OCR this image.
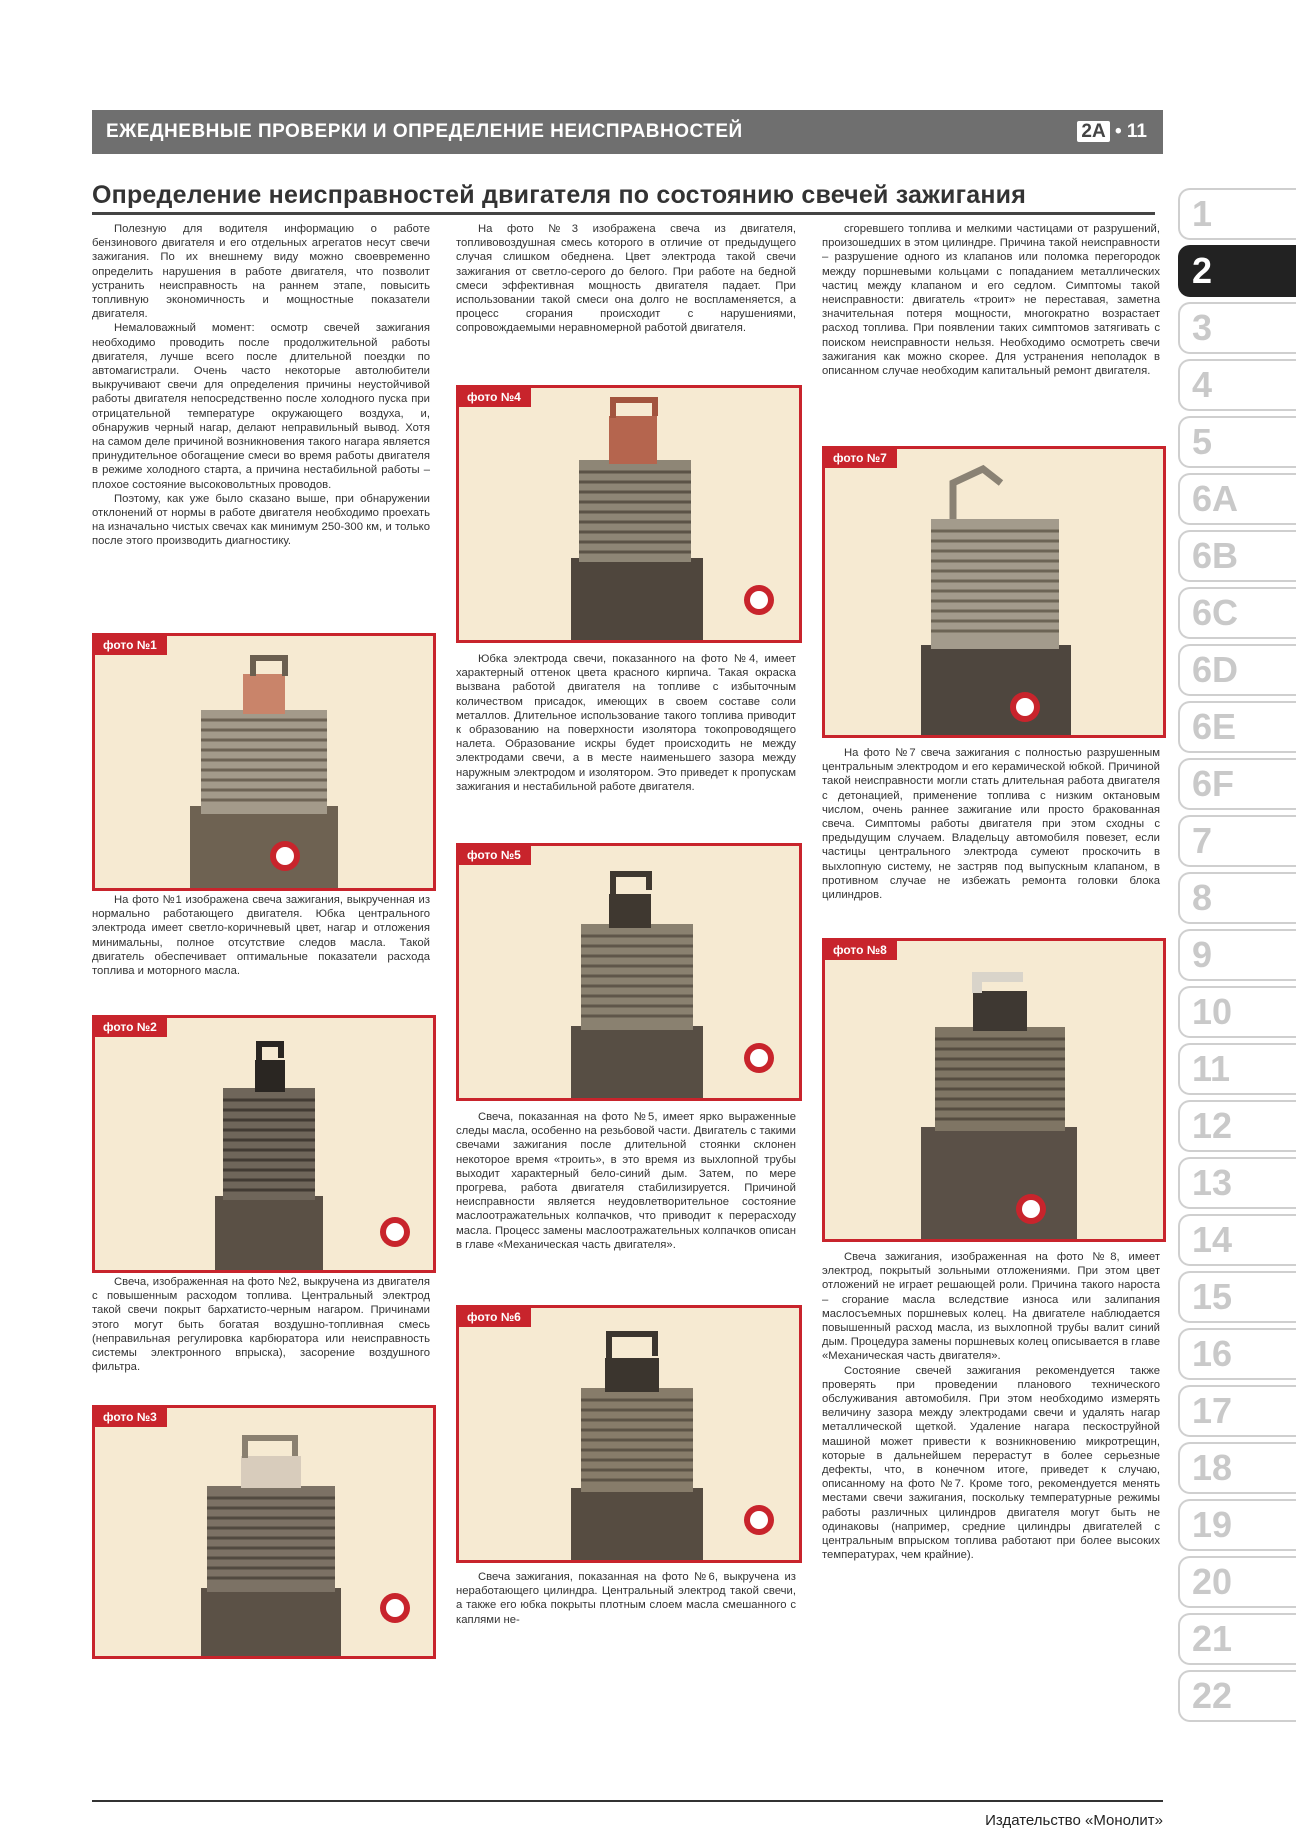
ЕЖЕДНЕВНЫЕ ПРОВЕРКИ И ОПРЕДЕЛЕНИЕ НЕИСПРАВНОСТЕЙ	2A • 11
Определение неисправностей двигателя по состоянию свечей зажигания

Полезную для водителя информацию о работе бензинового двигателя и его отдельных агрегатов несут свечи зажигания. По их внешнему виду можно своевременно определить нарушения в работе двигателя, что позволит устранить неисправность на раннем этапе, повысить топливную экономичность и мощностные показатели двигателя.

Немаловажный момент: осмотр свечей зажигания необходимо проводить после продолжительной работы двигателя, лучше всего после длительной поездки по автомагистрали. Очень часто некоторые автолюбители выкручивают свечи для определения причины неустойчивой работы двигателя непосредственно после холодного пуска при отрицательной температуре окружающего воздуха, и, обнаружив черный нагар, делают неправильный вывод. Хотя на самом деле причиной возникновения такого нагара является принудительное обогащение смеси во время работы двигателя в режиме холодного старта, а причина нестабильной работы – плохое состояние высоковольтных проводов.

Поэтому, как уже было сказано выше, при обнаружении отклонений от нормы в работе двигателя необходимо проехать на изначально чистых свечах как минимум 250-300 км, и только после этого производить диагностику.

фото №1

На фото №1 изображена свеча зажигания, выкрученная из нормально работающего двигателя. Юбка центрального электрода имеет светло-коричневый цвет, нагар и отложения минимальны, полное отсутствие следов масла. Такой двигатель обеспечивает оптимальные показатели расхода топлива и моторного масла.

фото №2

Свеча, изображенная на фото №2, выкручена из двигателя с повышенным расходом топлива. Центральный электрод такой свечи покрыт бархатисто-черным нагаром. Причинами этого могут быть богатая воздушно-топливная смесь (неправильная регулировка карбюратора или неисправность системы электронного впрыска), засорение воздушного фильтра.

фото №3

На фото №3 изображена свеча из двигателя, топливовоздушная смесь которого в отличие от предыдущего случая слишком обеднена. Цвет электрода такой свечи зажигания от светло-серого до белого. При работе на бедной смеси эффективная мощность двигателя падает. При использовании такой смеси она долго не воспламеняется, а процесс сгорания происходит с нарушениями, сопровождаемыми неравномерной работой двигателя.

фото №4

Юбка электрода свечи, показанного на фото №4, имеет характерный оттенок цвета красного кирпича. Такая окраска вызвана работой двигателя на топливе с избыточным количеством присадок, имеющих в своем составе соли металлов. Длительное использование такого топлива приводит к образованию на поверхности изолятора токопроводящего налета. Образование искры будет происходить не между электродами свечи, а в месте наименьшего зазора между наружным электродом и изолятором. Это приведет к пропускам зажигания и нестабильной работе двигателя.

фото №5

Свеча, показанная на фото №5, имеет ярко выраженные следы масла, особенно на резьбовой части. Двигатель с такими свечами зажигания после длительной стоянки склонен некоторое время «троить», в это время из выхлопной трубы выходит характерный бело-синий дым. Затем, по мере прогрева, работа двигателя стабилизируется. Причиной неисправности является неудовлетворительное состояние маслоотражательных колпачков, что приводит к перерасходу масла. Процесс замены маслоотражательных колпачков описан в главе «Механическая часть двигателя».

фото №6

Свеча зажигания, показанная на фото №6, выкручена из неработающего цилиндра. Центральный электрод такой свечи, а также его юбка покрыты плотным слоем масла смешанного с каплями не-

сгоревшего топлива и мелкими частицами от разрушений, произошедших в этом цилиндре. Причина такой неисправности – разрушение одного из клапанов или поломка перегородок между поршневыми кольцами с попаданием металлических частиц между клапаном и его седлом. Симптомы такой неисправности: двигатель «троит» не переставая, заметна значительная потеря мощности, многократно возрастает расход топлива. При появлении таких симптомов затягивать с поиском неисправности нельзя. Необходимо осмотреть свечи зажигания как можно скорее. Для устранения неполадок в описанном случае необходим капитальный ремонт двигателя.

фото №7

На фото №7 свеча зажигания с полностью разрушенным центральным электродом и его керамической юбкой. Причиной такой неисправности могли стать длительная работа двигателя с детонацией, применение топлива с низким октановым числом, очень раннее зажигание или просто бракованная свеча. Симптомы работы двигателя при этом сходны с предыдущим случаем. Владельцу автомобиля повезет, если частицы центрального электрода сумеют проскочить в выхлопную систему, не застряв под выпускным клапаном, в противном случае не избежать ремонта головки блока цилиндров.

фото №8

Свеча зажигания, изображенная на фото №8, имеет электрод, покрытый зольными отложениями. При этом цвет отложений не играет решающей роли. Причина такого нароста – сгорание масла вследствие износа или залипания маслосъемных поршневых колец. На двигателе наблюдается повышенный расход масла, из выхлопной трубы валит синий дым. Процедура замены поршневых колец описывается в главе «Механическая часть двигателя».

Состояние свечей зажигания рекомендуется также проверять при проведении планового технического обслуживания автомобиля. При этом необходимо измерять величину зазора между электродами свечи и удалять нагар металлической щеткой. Удаление нагара пескоструйной машиной может привести к возникновению микротрещин, которые в дальнейшем перерастут в более серьезные дефекты, что, в конечном итоге, приведет к случаю, описанному на фото №7. Кроме того, рекомендуется менять местами свечи зажигания, поскольку температурные режимы работы различных цилиндров двигателя могут быть не одинаковы (например, средние цилиндры двигателей с центральным впрыском топлива работают при более высоких температурах, чем крайние).

1
2
3
4
5
6A
6B
6C
6D
6E
6F
7
8
9
10
11
12
13
14
15
16
17
18
19
20
21
22
Издательство «Монолит»
